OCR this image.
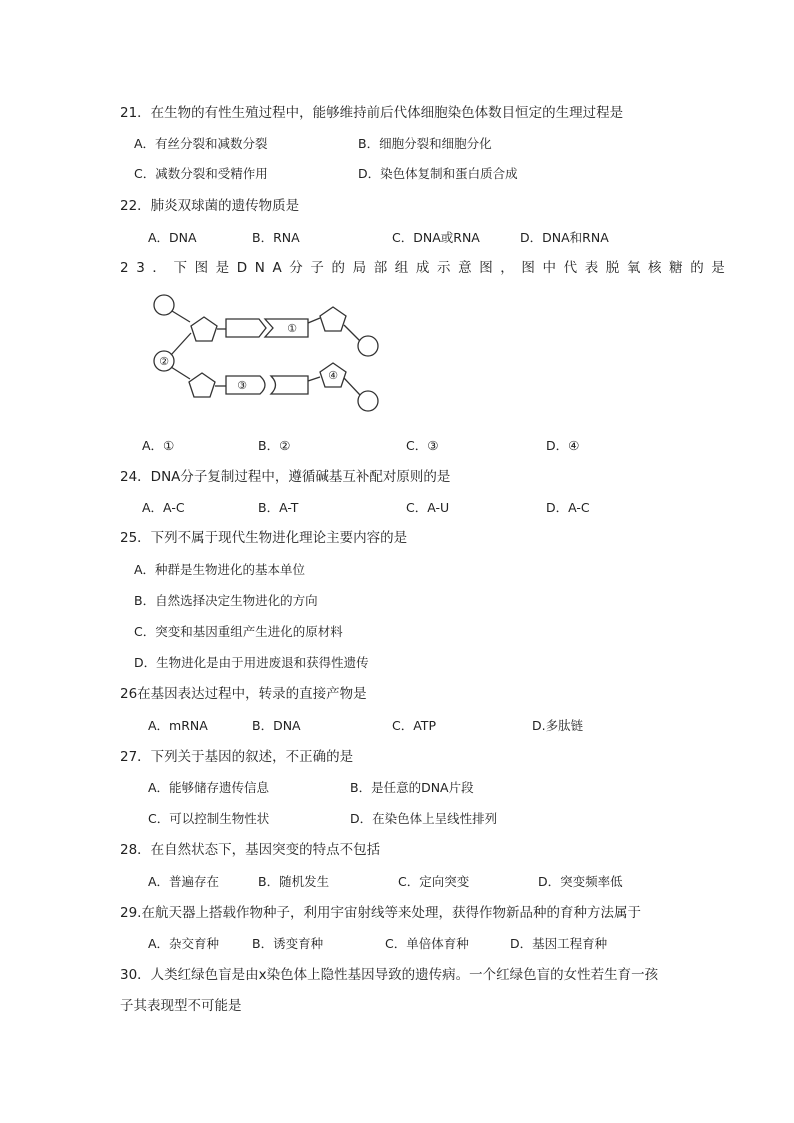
21．在生物的有性生殖过程中，能够维持前后代体细胞染色体数目恒定的生理过程是
A．有丝分裂和减数分裂	B．细胞分裂和细胞分化
C．减数分裂和受精作用	D．染色体复制和蛋白质合成
22．肺炎双球菌的遗传物质是
A．DNA	B．RNA	C．DNA或RNA	D．DNA和RNA
23．下图是DNA分子的局部组成示意图，图中代表脱氧核糖的是
①
②
③
④
A．①	B．②	C．③	D．④
24．DNA分子复制过程中，遵循碱基互补配对原则的是
A．A-C	B．A-T	C．A-U	D．A-C
25．下列不属于现代生物进化理论主要内容的是
A．种群是生物进化的基本单位
B．自然选择决定生物进化的方向
C．突变和基因重组产生进化的原材料
D．生物进化是由于用进废退和获得性遗传
26在基因表达过程中，转录的直接产物是
A．mRNA	B．DNA	C．ATP	D.多肽链
27．下列关于基因的叙述，不正确的是
A．能够储存遗传信息	B．是任意的DNA片段
C．可以控制生物性状	D．在染色体上呈线性排列
28．在自然状态下，基因突变的特点不包括
A．普遍存在	B．随机发生	C．定向突变	D．突变频率低
29.在航天器上搭载作物种子，利用宇宙射线等来处理，获得作物新品种的育种方法属于
A．杂交育种	B．诱变育种	C．单倍体育种	D．基因工程育种
30．人类红绿色盲是由x染色体上隐性基因导致的遗传病。一个红绿色盲的女性若生育一孩
子其表现型不可能是
